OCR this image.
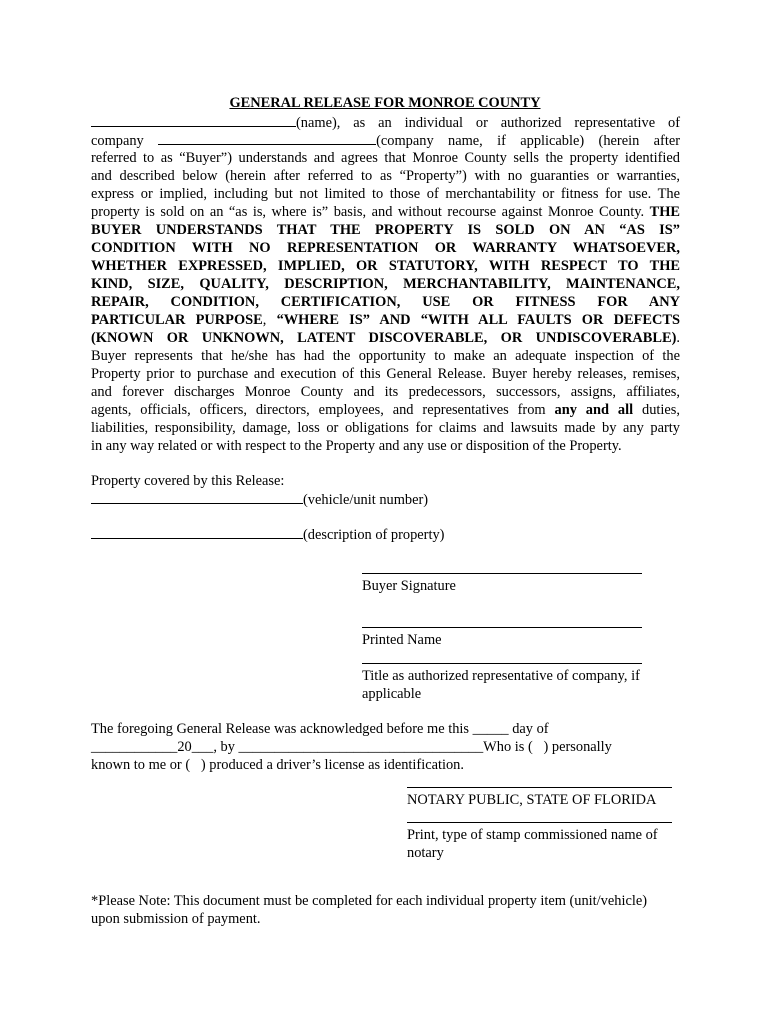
GENERAL RELEASE FOR MONROE COUNTY
(name), as an individual or authorized representative of
company	(company name, if applicable) (herein after
referred to as “Buyer”) understands and agrees that Monroe County sells the property identified
and described below (herein after referred to as “Property”) with no guaranties or warranties,
express or implied, including but not limited to those of merchantability or fitness for use. The
property is sold on an “as is, where is” basis, and without recourse against Monroe County. THE
BUYER UNDERSTANDS THAT THE PROPERTY IS SOLD ON AN “AS IS”
CONDITION WITH NO REPRESENTATION OR WARRANTY WHATSOEVER,
WHETHER EXPRESSED, IMPLIED, OR STATUTORY, WITH RESPECT TO THE
KIND, SIZE, QUALITY, DESCRIPTION, MERCHANTABILITY, MAINTENANCE,
REPAIR, CONDITION, CERTIFICATION, USE OR FITNESS FOR ANY
PARTICULAR PURPOSE, “WHERE IS” AND “WITH ALL FAULTS OR DEFECTS
(KNOWN OR UNKNOWN, LATENT DISCOVERABLE, OR UNDISCOVERABLE).
Buyer represents that he/she has had the opportunity to make an adequate inspection of the
Property prior to purchase and execution of this General Release. Buyer hereby releases, remises,
and forever discharges Monroe County and its predecessors, successors, assigns, affiliates,
agents, officials, officers, directors, employees, and representatives from any and all duties,
liabilities, responsibility, damage, loss or obligations for claims and lawsuits made by any party
in any way related or with respect to the Property and any use or disposition of the Property.
Property covered by this Release:
(vehicle/unit number)
(description of property)
Buyer Signature
Printed Name
Title as authorized representative of company, if
applicable
The foregoing General Release was acknowledged before me this _____ day of
____________20___, by __________________________________Who is (   ) personally
known to me or (   ) produced a driver’s license as identification.
NOTARY PUBLIC, STATE OF FLORIDA
Print, type of stamp commissioned name of
notary
*Please Note: This document must be completed for each individual property item (unit/vehicle)
upon submission of payment.
